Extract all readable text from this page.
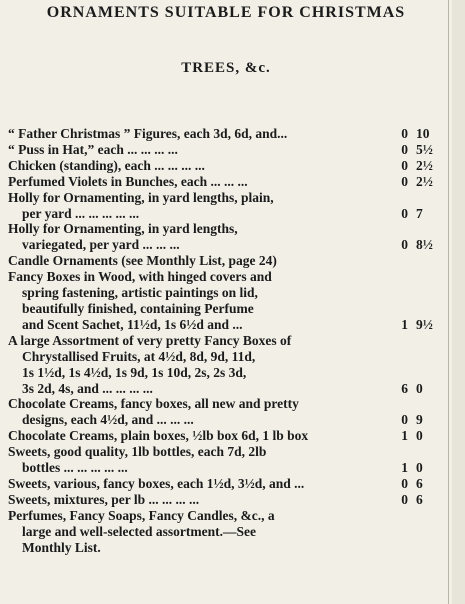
ORNAMENTS SUITABLE FOR CHRISTMAS
TREES, &c.
“ Father Christmas ” Figures, each 3d, 6d, and...	0 10
“ Puss in Hat,” each ... ... ... ...	0 5½
Chicken (standing), each ... ... ... ...	0 2½
Perfumed Violets in Bunches, each ... ... ...	0 2½
Holly for Ornamenting, in yard lengths, plain,
per yard ... ... ... ... ...	0 7
Holly for Ornamenting, in yard lengths,
variegated, per yard ... ... ...	0 8½
Candle Ornaments (see Monthly List, page 24)
Fancy Boxes in Wood, with hinged covers and
spring fastening, artistic paintings on lid,
beautifully finished, containing Perfume
and Scent Sachet, 11½d, 1s 6½d and ...	1 9½
A large Assortment of very pretty Fancy Boxes of
Chrystallised Fruits, at 4½d, 8d, 9d, 11d,
1s 1½d, 1s 4½d, 1s 9d, 1s 10d, 2s, 2s 3d,
3s 2d, 4s, and ... ... ... ...	6 0
Chocolate Creams, fancy boxes, all new and pretty
designs, each 4½d, and ... ... ...	0 9
Chocolate Creams, plain boxes, ½lb box 6d, 1 lb box	1 0
Sweets, good quality, 1lb bottles, each 7d, 2lb
bottles ... ... ... ... ...	1 0
Sweets, various, fancy boxes, each 1½d, 3½d, and ...	0 6
Sweets, mixtures, per lb ... ... ... ...	0 6
Perfumes, Fancy Soaps, Fancy Candles, &c., a
large and well-selected assortment.—See
Monthly List.
